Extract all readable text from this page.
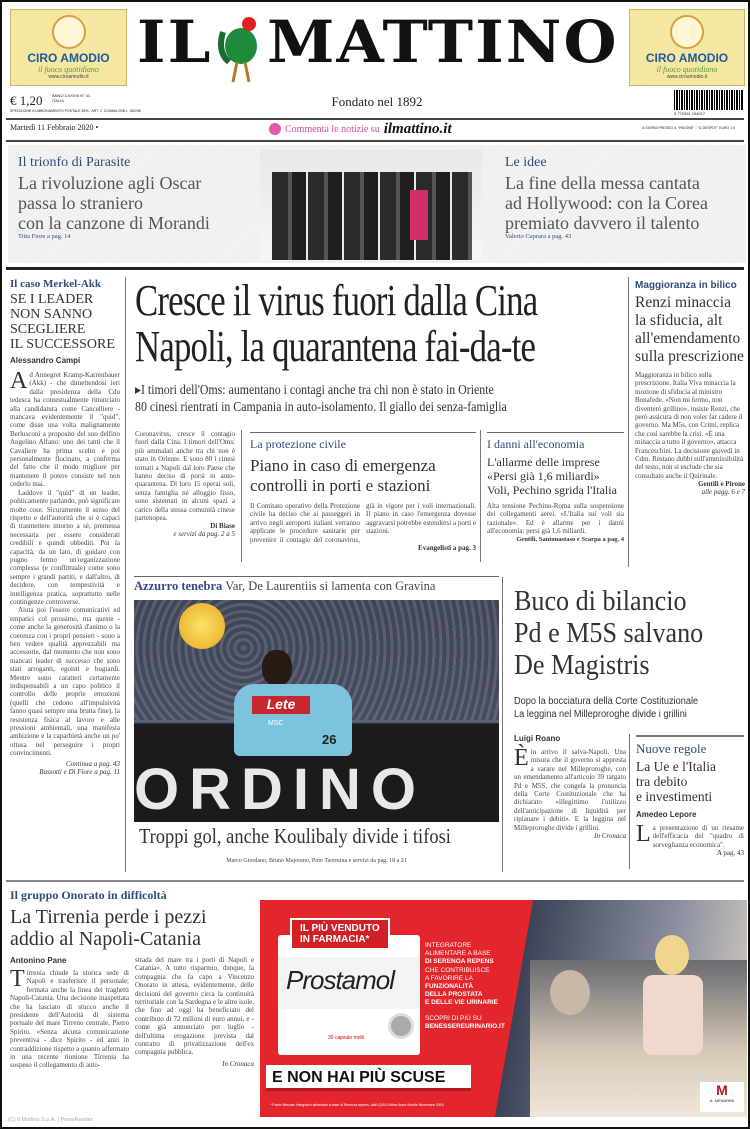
CIRO AMODIO
il fuoco quotidiano
www.ciroamodio.it
CIRO AMODIO
il fuoco quotidiano
www.ciroamodio.it
IL MATTINO
€ 1,20 ANNO CXXVIII N° 41 ITALIA
SPEDIZIONE IN ABBONAMENTO POSTALE 45% - ART. 2, COMMA 20/B L. 662/96
Fondato nel 1892
9 770391 194017
Martedì 11 Febbraio 2020 •	Commenta le notizie su ilmattino.it	A GIORNI PRESSO IL "PAVONE" - "IL DESPOT" EURO 1,0
Il trionfo di Parasite
La rivoluzione agli Oscar
passa lo straniero
con la canzone di Morandi
Titta Fiore a pag. 14
Le idee
La fine della messa cantata
ad Hollywood: con la Corea
premiato davvero il talento
Valerio Caprara a pag. 43
Il caso Merkel-Akk
SE I LEADER
NON SANNO
SCEGLIERE
IL SUCCESSORE
Alessandro Campi
Ad Annegret Kramp-Karrenbauer (Akk) - che dimettendosi ieri dalla presidenza della Cdu tedesca ha contestualmente rinunciato alla candidatura come Cancelliere - mancava evidentemente il "quid", come disse una volta malignamente Berlusconi a proposito del suo delfino Angelino Alfano: uno dei tanti che il Cavaliere ha prima scelto e poi personalmente flocinato, a conferma del fatto che il modo migliore per mantenere il potere consiste nel non cederlo mai.
Laddove il "quid" di un leader, politicamente parlando, può significare molte cose. Sicuramente il senso del rispetto e dell'autorità che si è capaci di trasmettere intorno a sé, premessa necessaria per essere considerati credibili e quindi obbediti. Poi la capacità, da un lato, di guidare con pugno fermo un'organizzazione complessa (e conflittuale) come sono sempre i grandi partiti, e dall'altro, di decidere, con tempestività e intelligenza pratica, soprattutto nelle contingenze controverse.
Aiuta poi l'essere comunicativi ed empatici col prossimo, ma queste - come anche la generosità d'animo o la coerenza con i propri pensieri - sono a ben vedere qualità apprezzabili ma accessorie, dal momento che non sono mancati leader di successo che sono stati arroganti, egoisti e bugiardi. Mentre sono caratteri certamente indispensabili a un capo politico il controllo delle proprie emozioni (quelli che cedono all'impulsività fanno quasi sempre una brutta fine), la resistenza fisica al lavoro e alle pressioni ambientali, una manifesta ambizione e la caparbietà anche un po' ottusa nel perseguire i propri convincimenti.
Continua a pag. 43
Bassotti e Di Fiore a pag. 11
Cresce il virus fuori dalla Cina
Napoli, la quarantena fai-da-te
▸I timori dell'Oms: aumentano i contagi anche tra chi non è stato in Oriente
80 cinesi rientrati in Campania in auto-isolamento. Il giallo dei senza-famiglia
Coronavirus, cresce il contagio fuori dalla Cina. I timori dell'Oms: più ammalati anche tra chi non è stato in Oriente. E sono 80 i cinesi tornati a Napoli dal loro Paese che hanno deciso di porsi in auto-quarantena. Di loro 15 operai soli, senza famiglia né alloggio fisso, sono sistemati in alcuni spazi a carico della stessa comunità cinese partenopea.
Di Biase
e servizi da pag. 2 a 5
La protezione civile
Piano in caso di emergenza
controlli in porti e stazioni
Il Comitato operativo della Protezione civile ha deciso che ai passeggeri in arrivo negli aeroporti italiani verranno applicate le procedure sanitarie per prevenire il contagio del coronavirus, già in vigore per i voli internazionali. Il piano in caso l'emergenza dovesse aggravarsi potrebbe estendersi a porti e stazioni.
Evangelisti a pag. 3
I danni all'economia
L'allarme delle imprese
«Persi già 1,6 miliardi»
Voli, Pechino sgrida l'Italia
Alta tensione Pechino-Roma sulla sospensione dei collegamenti aerei. «L'Italia sui voli sia razionale». Ed è allarme per i danni all'economia: persi già 1,6 miliardi.
Gentili, Santonastaso e Scarpa a pag. 4
Maggioranza in bilico
Renzi minaccia
la sfiducia, alt
all'emendamento
sulla prescrizione
Maggioranza in bilico sulla prescrizione. Italia Viva minaccia la mozione di sfiducia al ministro Bonafede. «Non mi fermo, non diventerò grillino», insiste Renzi, che però assicura di non voler far cadere il governo. Ma M5s, con Crimi, replica che così sarebbe la crisi. «È una minaccia a tutto il governo», attacca Franceschini. La decisione giovedì in Cdm. Restano dubbi sull'ammissibilità del testo, non si esclude che sia consultato anche il Quirinale.
Gentili e Pirone
alle pagg. 6 e 7
Azzurro tenebra Var, De Laurentiis si lamenta con Gravina
Lete
MSC
26
ORDINO
Troppi gol, anche Koulibaly divide i tifosi
Marco Giordano, Bruno Majorano, Pino Taormina e servizi da pag. 18 a 21
Buco di bilancio
Pd e M5S salvano
De Magistris
Dopo la bocciatura della Corte Costituzionale
La leggina nel Milleproroghe divide i grillini
Luigi Roano
Èin arrivo il salva-Napoli. Una misura che il governo si appresta a varare nel Milleproroghe, con un emendamento all'articolo 39 targato Pd e M5S, che congela la pronuncia della Corte Costituzionale che ha dichiarato «illegittimo l'utilizzo dell'anticipazione di liquidità per ripianare i debiti». E la leggina nel Milleproroghe divide i grillini.
In Cronaca
Nuove regole
La Ue e l'Italia
tra debito
e investimenti
Amedeo Lepore
La presentazione di un riesame dell'efficacia del "quadro di sorveglianza economica".
A pag. 43
Il gruppo Onorato in difficoltà
La Tirrenia perde i pezzi
addio al Napoli-Catania
Antonino Pane
Tirrenia chiude la storica sede di Napoli e trasferisce il personale; fermata anche la linea dei traghetti Napoli-Catania. Una decisione inaspettata che ha lasciato di stucco anche il presidente dell'Autorità di sistema portuale del mare Tirreno centrale, Pietro Spirito. «Senza alcuna comunicazione preventiva - dice Spirito - ed anzi in contraddizione rispetto a quanto affermato in una recente riunione Tirrenia ha sospeso il collegamento di auto-
strada del mare tra i porti di Napoli e Catania». A tutto risparmio, dunque, la compagnia che fa capo a Vincenzo Onorato in attesa, evidentemente, delle decisioni del governo circa la continuità territoriale con la Sardegna e le altre isole, che fino ad oggi ha beneficiato del contributo di 72 milioni di euro annui, e - come già annunciato per luglio - dell'ultima erogazione prevista dal contratto di privatizzazione dell'ex compagnia pubblica.
In Cronaca
(C) Il Mattino S.p.A. | PressReader
Prostamol
30 capsule molli
IL PIÙ VENDUTO
IN FARMACIA*
INTEGRATORE
ALIMENTARE A BASE
DI SERENOA REPENS
CHE CONTRIBUISCE
A FAVORIRE LA
FUNZIONALITÀ
DELLA PROSTATA
E DELLE VIE URINARIE
SCOPRI DI PIÙ SU
BENESSEREURINARIO.IT
E NON HAI PIÙ SCUSE
* Fonte Mercato Integratori alimentari a base di Serenoa repens, dati IQVIA Ultimo Anno Mobile Novembre 2019
M
A. MENARINI
